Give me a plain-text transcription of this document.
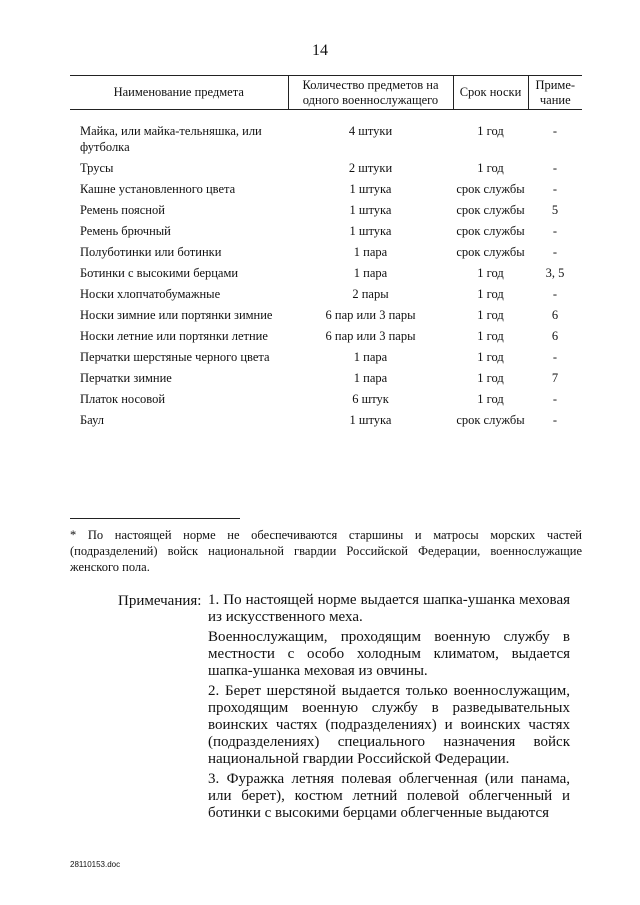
14
Наименование предмета	Количество предметов на одного военнослужащего	Срок носки	Приме-чание
Майка, или майка-тельняшка, или футболка	4 штуки	1 год	-
Трусы	2 штуки	1 год	-
Кашне установленного цвета	1 штука	срок службы	-
Ремень поясной	1 штука	срок службы	5
Ремень брючный	1 штука	срок службы	-
Полуботинки или ботинки	1 пара	срок службы	-
Ботинки с высокими берцами	1 пара	1 год	3, 5
Носки хлопчатобумажные	2 пары	1 год	-
Носки зимние или портянки зимние	6 пар или 3 пары	1 год	6
Носки летние или портянки летние	6 пар или 3 пары	1 год	6
Перчатки шерстяные черного цвета	1 пара	1 год	-
Перчатки зимние	1 пара	1 год	7
Платок носовой	6 штук	1 год	-
Баул	1 штука	срок службы	-
* По настоящей норме не обеспечиваются старшины и матросы морских частей (подразделений) войск национальной гвардии Российской Федерации, военнослужащие женского пола.
Примечания: 1. По настоящей норме выдается шапка-ушанка меховая из искусственного меха.

Военнослужащим, проходящим военную службу в местности с особо холодным климатом, выдается шапка-ушанка меховая из овчины.

2. Берет шерстяной выдается только военнослужащим, проходящим военную службу в разведывательных воинских частях (подразделениях) и воинских частях (подразделениях) специального назначения войск национальной гвардии Российской Федерации.

3. Фуражка летняя полевая облегченная (или панама, или берет), костюм летний полевой облегченный и ботинки с высокими берцами облегченные выдаются

28110153.doc
